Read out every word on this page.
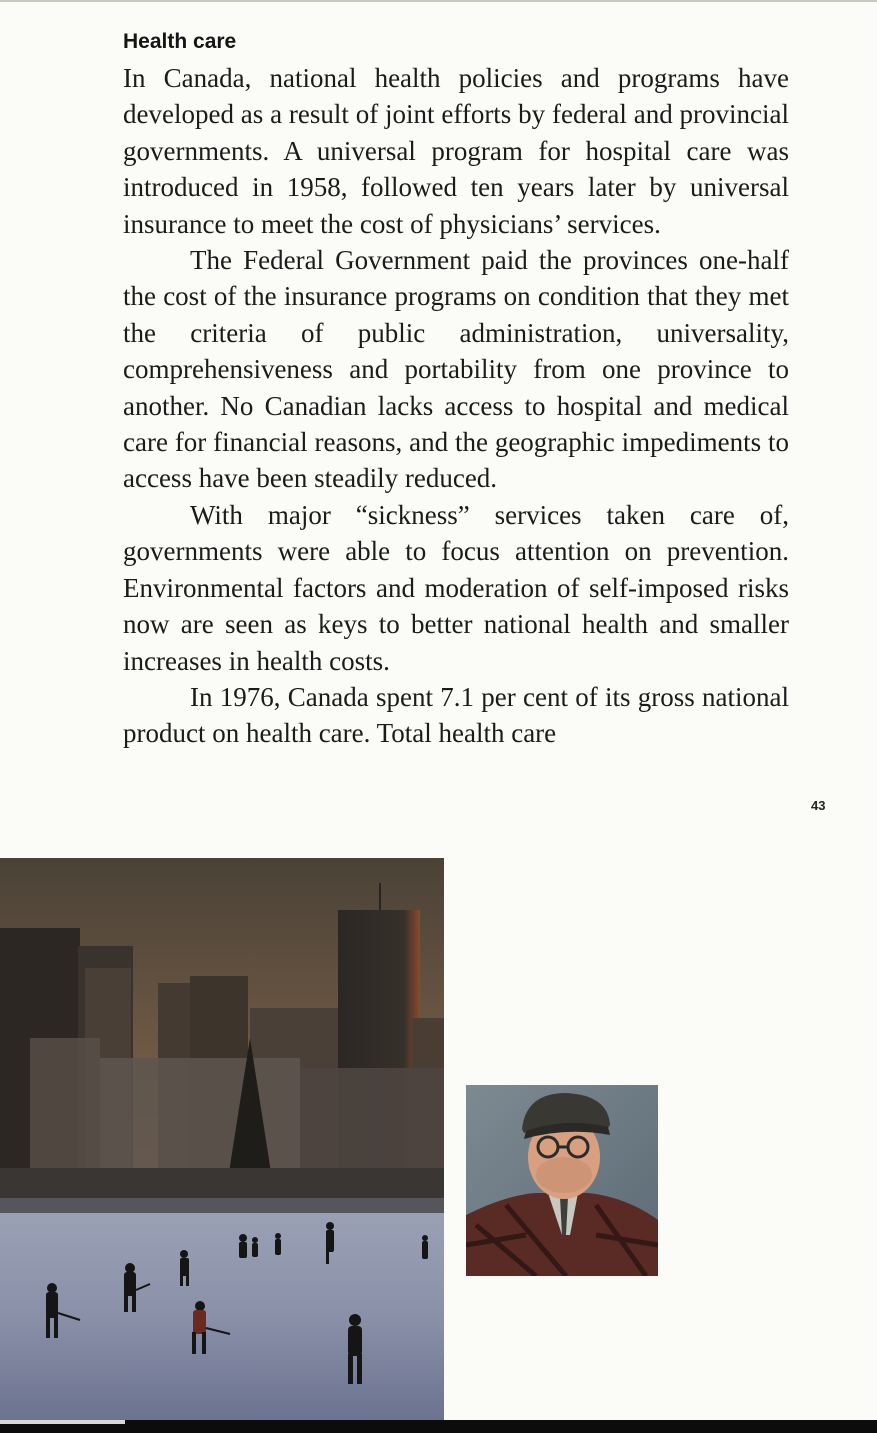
Health care

In Canada, national health policies and programs have developed as a result of joint efforts by federal and provincial governments. A universal program for hospital care was introduced in 1958, followed ten years later by universal insurance to meet the cost of physicians’ services.

The Federal Government paid the provinces one-half the cost of the insurance programs on condition that they met the criteria of public administration, universality, comprehensiveness and portability from one province to another. No Canadian lacks access to hospital and medical care for financial reasons, and the geographic impediments to access have been steadily reduced.

With major “sickness” services taken care of, governments were able to focus attention on prevention. Environmental factors and moderation of self-imposed risks now are seen as keys to better national health and smaller increases in health costs.

In 1976, Canada spent 7.1 per cent of its gross national product on health care. Total health care

43
